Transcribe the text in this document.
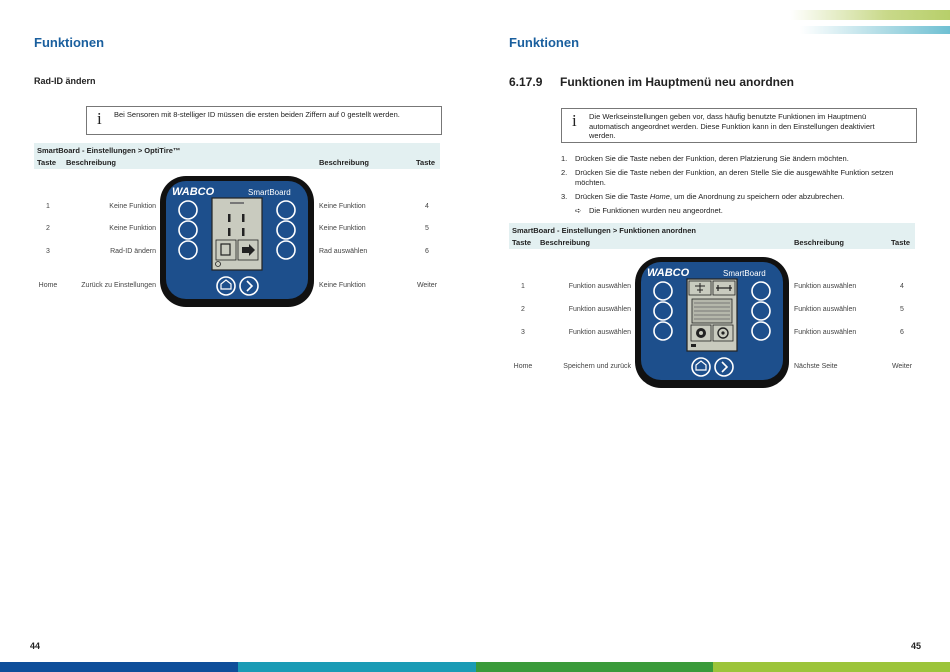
Funktionen
Rad-ID ändern
i Bei Sensoren mit 8-stelliger ID müssen die ersten beiden Ziffern auf 0 gestellt werden.
SmartBoard - Einstellungen > OptiTire™
Taste Beschreibung	Beschreibung	Taste
1	Keine Funktion	Keine Funktion	4
2	Keine Funktion	Keine Funktion	5
3	Rad-ID ändern	Rad auswählen	6
Home	Zurück zu Einstellungen	Keine Funktion	Weiter
WABCO	SmartBoard
44
Funktionen
6.17.9 Funktionen im Hauptmenü neu anordnen
i Die Werkseinstellungen geben vor, dass häufig benutzte Funktionen im Hauptmenü automatisch angeordnet werden. Diese Funktion kann in den Einstellungen deaktiviert werden.
1. Drücken Sie die Taste neben der Funktion, deren Platzierung Sie ändern möchten.
2. Drücken Sie die Taste neben der Funktion, an deren Stelle Sie die ausgewählte Funktion setzen möchten.
3. Drücken Sie die Taste Home, um die Anordnung zu speichern oder abzubrechen.
➪ Die Funktionen wurden neu angeordnet.
SmartBoard - Einstellungen > Funktionen anordnen
Taste Beschreibung	Beschreibung	Taste
1	Funktion auswählen	Funktion auswählen	4
2	Funktion auswählen	Funktion auswählen	5
3	Funktion auswählen	Funktion auswählen	6
Home	Speichern und zurück	Nächste Seite	Weiter
WABCO	SmartBoard
45
